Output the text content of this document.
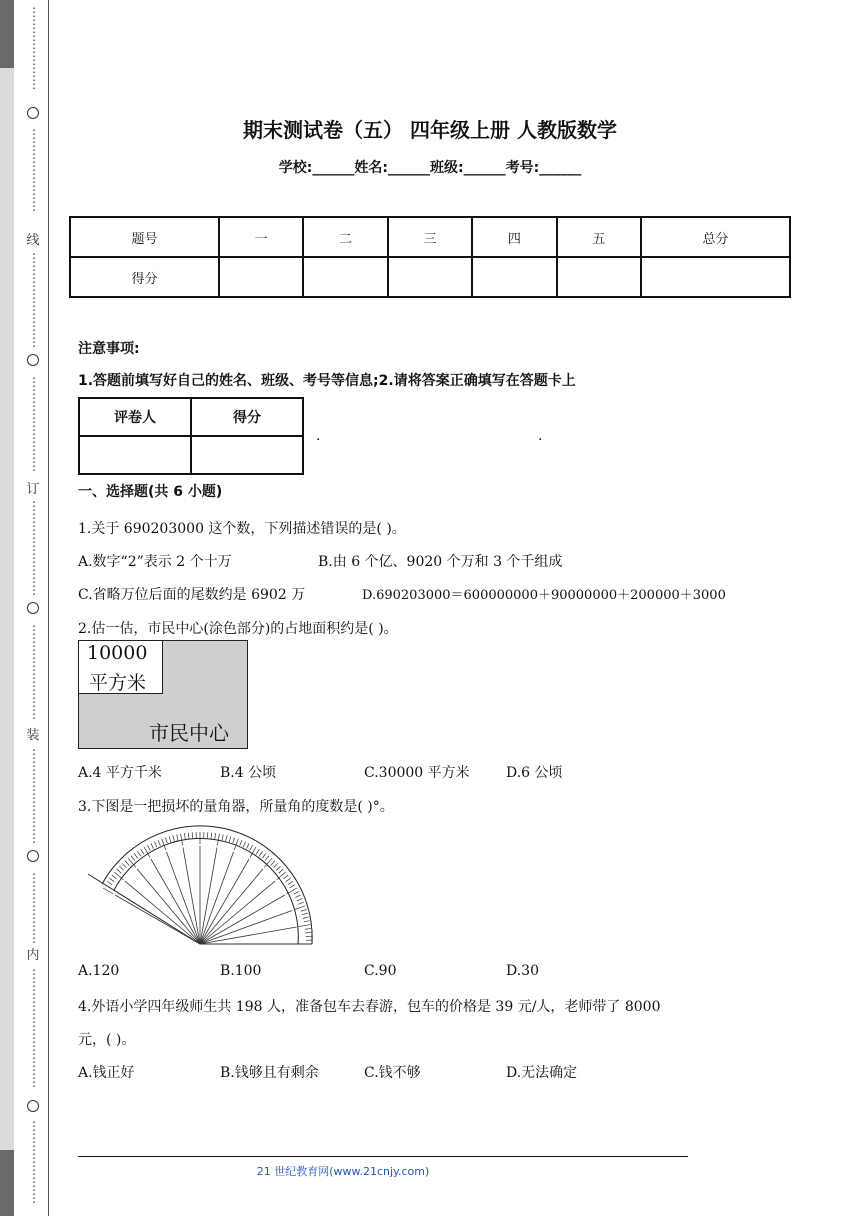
⋮
⋮
⋮
⋮
⋮
⋮
⋮
⋮
⋮
⋮
⋮
⋮
⋮
⋮
线
⋮
⋮
⋮
⋮
⋮
⋮
⋮
⋮
⋮
⋮
⋮
⋮
⋮
⋮
⋮
⋮
订
⋮
⋮
⋮
⋮
⋮
⋮
⋮
⋮
⋮
⋮
⋮
⋮
⋮
⋮
⋮
⋮
装
⋮
⋮
⋮
⋮
⋮
⋮
⋮
⋮
⋮
⋮
⋮
⋮
⋮
⋮
内
⋮
⋮
⋮
⋮
⋮
⋮
⋮
⋮
⋮
⋮
⋮
⋮
⋮
⋮
⋮
⋮
⋮
期末测试卷（五） 四年级上册 人教版数学
学校:______姓名:______班级:______考号:______
题号	一	二	三	四	五	总分
得分						
注意事项:
1.答题前填写好自己的姓名、班级、考号等信息;2.请将答案正确填写在答题卡上
评卷人	得分

.	.
一、选择题(共 6 小题)
1.关于 690203000 这个数，下列描述错误的是( )。
A.数字“2”表示 2 个十万	B.由 6 个亿、9020 个万和 3 个千组成
C.省略万位后面的尾数约是 6902 万	D.690203000＝600000000＋90000000＋200000＋3000
2.估一估，市民中心(涂色部分)的占地面积约是( )。
10000
平方米
市民中心
A.4 平方千米	B.4 公顷	C.30000 平方米	D.6 公顷
3.下图是一把损坏的量角器，所量角的度数是( )°。
A.120	B.100	C.90	D.30
4.外语小学四年级师生共 198 人，准备包车去春游，包车的价格是 39 元/人，老师带了 8000
元，( )。
A.钱正好	B.钱够且有剩余	C.钱不够	D.无法确定
21 世纪教育网(www.21cnjy.com)
